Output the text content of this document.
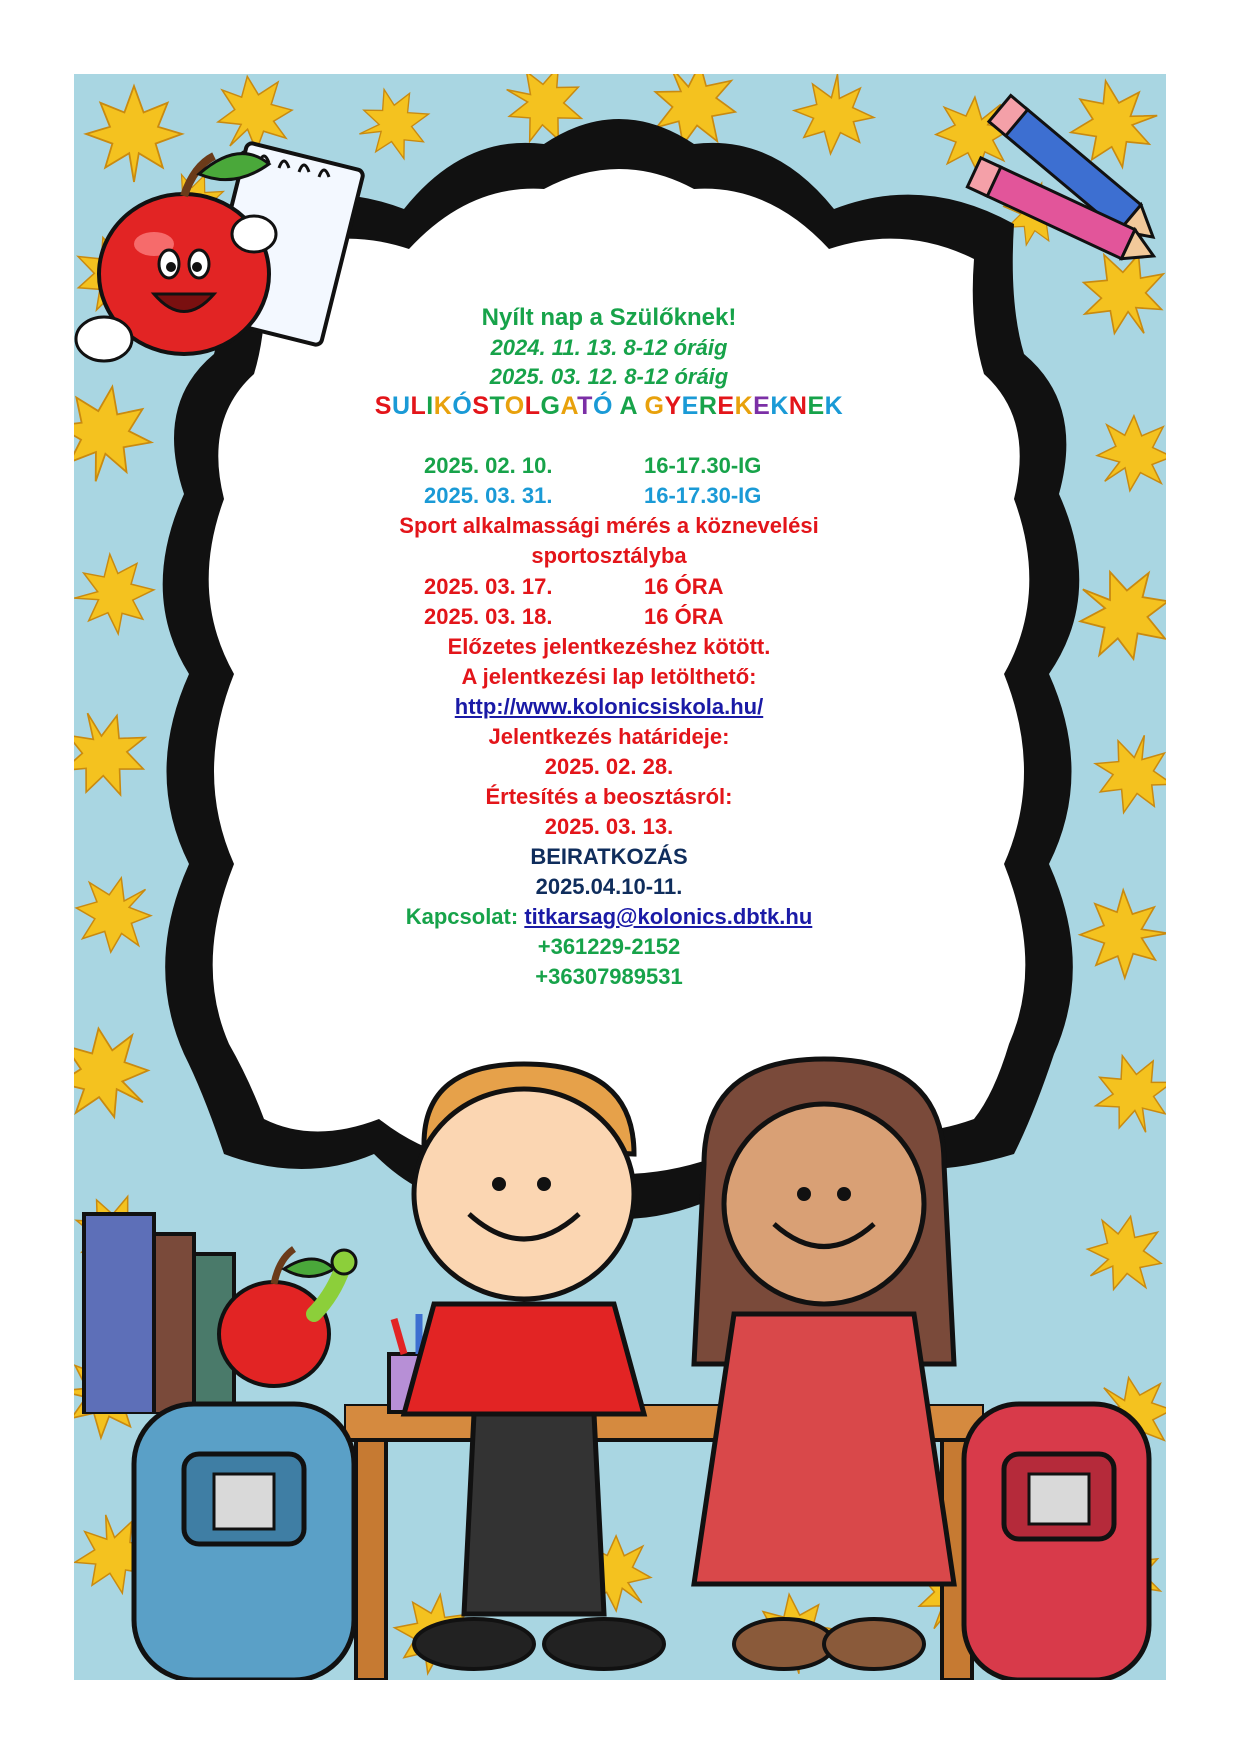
Nyílt nap a Szülőknek!
2024. 11. 13. 8-12 óráig
2025. 03. 12. 8-12 óráig
SULIKÓSTOLGATÓ A GYEREKEKNEK
2025. 02. 10.	16-17.30-IG
2025. 03. 31.	16-17.30-IG
Sport alkalmassági mérés a köznevelési
sportosztályba
2025. 03. 17.	16 ÓRA
2025. 03. 18.	16 ÓRA
Előzetes jelentkezéshez kötött.
A jelentkezési lap letölthető:
http://www.kolonicsiskola.hu/
Jelentkezés határideje:
2025. 02. 28.
Értesítés a beosztásról:
2025. 03. 13.
BEIRATKOZÁS
2025.04.10-11.
Kapcsolat: titkarsag@kolonics.dbtk.hu
+361229-2152
+36307989531
